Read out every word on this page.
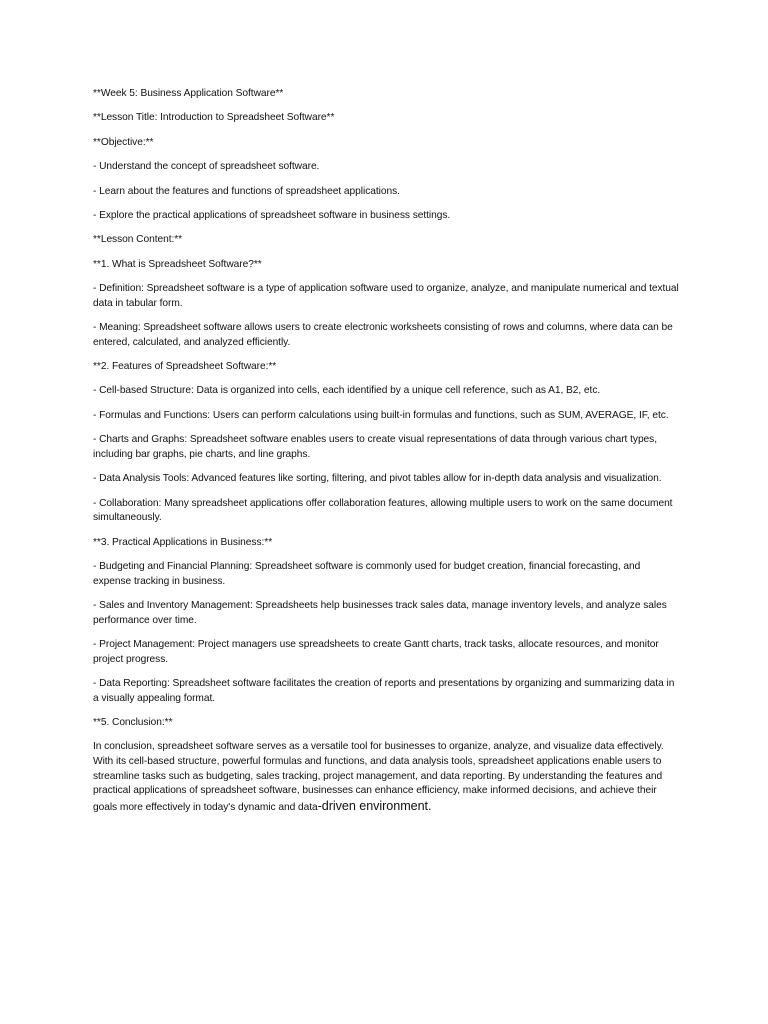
**Week 5: Business Application Software**

**Lesson Title: Introduction to Spreadsheet Software**

**Objective:**

- Understand the concept of spreadsheet software.

- Learn about the features and functions of spreadsheet applications.

- Explore the practical applications of spreadsheet software in business settings.

**Lesson Content:**

**1. What is Spreadsheet Software?**

- Definition: Spreadsheet software is a type of application software used to organize, analyze, and manipulate numerical and textual data in tabular form.

- Meaning: Spreadsheet software allows users to create electronic worksheets consisting of rows and columns, where data can be entered, calculated, and analyzed efficiently.

**2. Features of Spreadsheet Software:**

- Cell-based Structure: Data is organized into cells, each identified by a unique cell reference, such as A1, B2, etc.

- Formulas and Functions: Users can perform calculations using built-in formulas and functions, such as SUM, AVERAGE, IF, etc.

- Charts and Graphs: Spreadsheet software enables users to create visual representations of data through various chart types, including bar graphs, pie charts, and line graphs.

- Data Analysis Tools: Advanced features like sorting, filtering, and pivot tables allow for in-depth data analysis and visualization.

- Collaboration: Many spreadsheet applications offer collaboration features, allowing multiple users to work on the same document simultaneously.

**3. Practical Applications in Business:**

- Budgeting and Financial Planning: Spreadsheet software is commonly used for budget creation, financial forecasting, and expense tracking in business.

- Sales and Inventory Management: Spreadsheets help businesses track sales data, manage inventory levels, and analyze sales performance over time.

- Project Management: Project managers use spreadsheets to create Gantt charts, track tasks, allocate resources, and monitor project progress.

- Data Reporting: Spreadsheet software facilitates the creation of reports and presentations by organizing and summarizing data in a visually appealing format.

**5. Conclusion:**

In conclusion, spreadsheet software serves as a versatile tool for businesses to organize, analyze, and visualize data effectively. With its cell-based structure, powerful formulas and functions, and data analysis tools, spreadsheet applications enable users to streamline tasks such as budgeting, sales tracking, project management, and data reporting. By understanding the features and practical applications of spreadsheet software, businesses can enhance efficiency, make informed decisions, and achieve their goals more effectively in today's dynamic and data-driven environment.
